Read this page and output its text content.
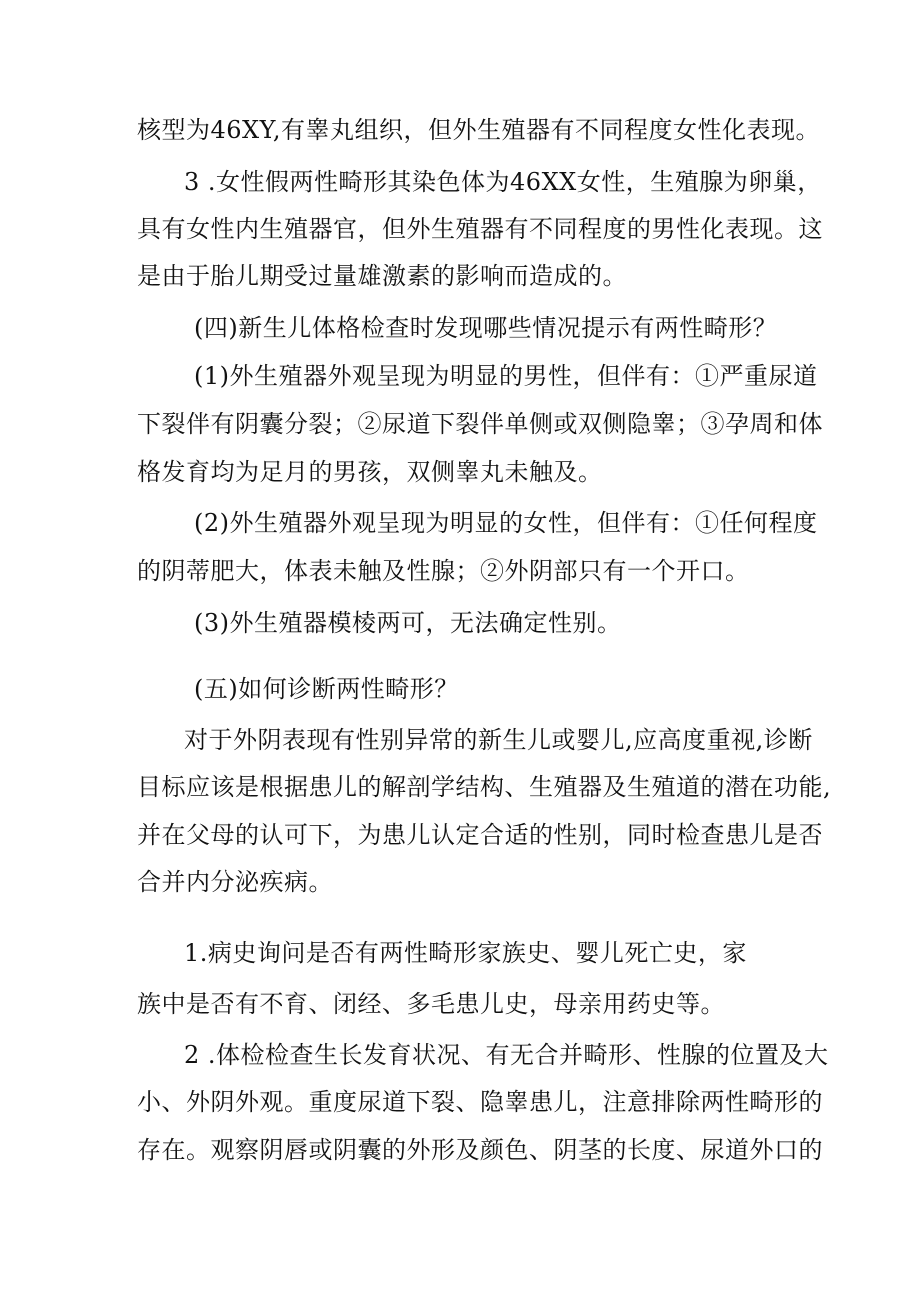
核型为46XY,有睾丸组织，但外生殖器有不同程度女性化表现。
3 .女性假两性畸形其染色体为46XX女性，生殖腺为卵巢，
具有女性内生殖器官，但外生殖器有不同程度的男性化表现。这
是由于胎儿期受过量雄激素的影响而造成的。
(四)新生儿体格检查时发现哪些情况提示有两性畸形？
(1)外生殖器外观呈现为明显的男性，但伴有：①严重尿道
下裂伴有阴囊分裂；②尿道下裂伴单侧或双侧隐睾；③孕周和体
格发育均为足月的男孩，双侧睾丸未触及。
(2)外生殖器外观呈现为明显的女性，但伴有：①任何程度
的阴蒂肥大，体表未触及性腺；②外阴部只有一个开口。
(3)外生殖器模棱两可，无法确定性别。
(五)如何诊断两性畸形？
对于外阴表现有性别异常的新生儿或婴儿,应高度重视,诊断
目标应该是根据患儿的解剖学结构、生殖器及生殖道的潜在功能,
并在父母的认可下，为患儿认定合适的性别，同时检查患儿是否
合并内分泌疾病。
1.病史询问是否有两性畸形家族史、婴儿死亡史，家
族中是否有不育、闭经、多毛患儿史，母亲用药史等。
2 .体检检查生长发育状况、有无合并畸形、性腺的位置及大
小、外阴外观。重度尿道下裂、隐睾患儿，注意排除两性畸形的
存在。观察阴唇或阴囊的外形及颜色、阴茎的长度、尿道外口的
